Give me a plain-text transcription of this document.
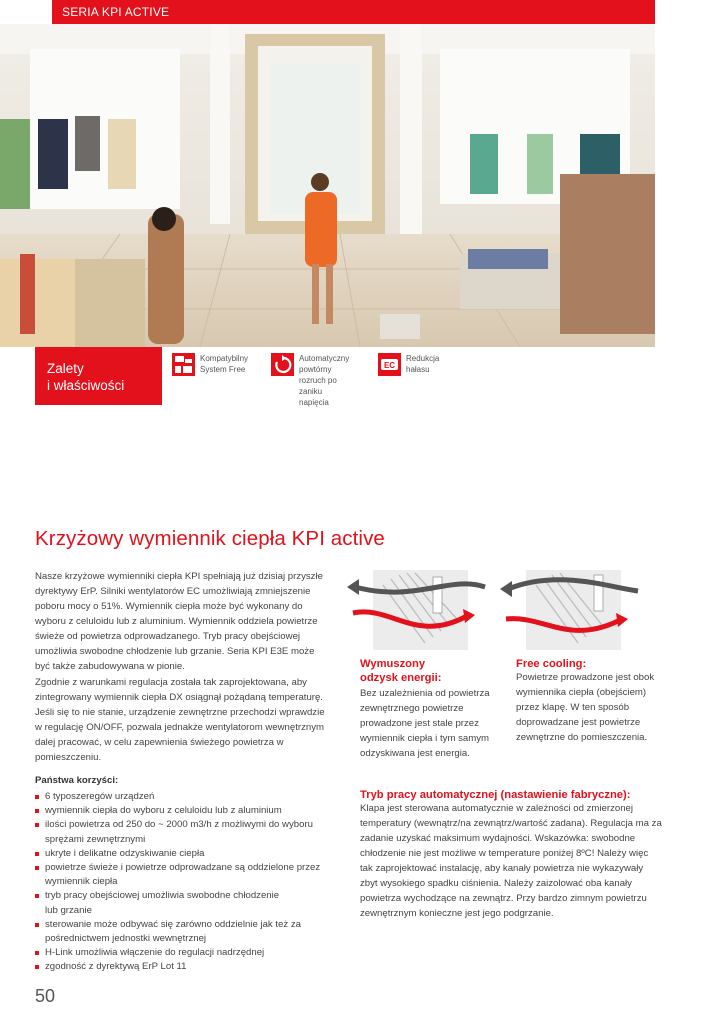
SERIA KPI ACTIVE
Zalety
i właściwości
Kompatybilny
System Free
Automatyczny powtórny
rozruch po zaniku napięcia
EC
Redukcja
hałasu
Krzyżowy wymiennik ciepła KPI active

Nasze krzyżowe wymienniki ciepła KPI spełniają już dzisiaj przyszłe dyrektywy ErP. Silniki wentylatorów EC umożliwiają zmniejszenie poboru mocy o 51%. Wymiennik ciepła może być wykonany do wyboru z celuloidu lub z aluminium. Wymiennik oddziela powietrze świeże od powietrza odprowadzanego. Tryb pracy obejściowej umożliwia swobodne chłodzenie lub grzanie. Seria KPI E3E może być także zabudowywana w pionie.

Zgodnie z warunkami regulacja została tak zaprojektowana, aby zintegrowany wymiennik ciepła DX osiągnął pożądaną temperaturę. Jeśli się to nie stanie, urządzenie zewnętrzne przechodzi wprawdzie w regulację ON/OFF, pozwala jednakże wentylatorom wewnętrznym dalej pracować, w celu zapewnienia świeżego powietrza w pomieszczeniu.

Państwa korzyści:
6 typoszeregów urządzeń
wymiennik ciepła do wyboru z celuloidu lub z aluminium
ilości powietrza od 250 do ~ 2000 m3/h z możliwymi do wyboru
sprężami zewnętrznymi
ukryte i delikatne odzyskiwanie ciepła
powietrze świeże i powietrze odprowadzane są oddzielone przez
wymiennik ciepła
tryb pracy obejściowej umożliwia swobodne chłodzenie
lub grzanie
sterowanie może odbywać się zarówno oddzielnie jak też za
pośrednictwem jednostki wewnętrznej
H-Link umożliwia włączenie do regulacji nadrzędnej
zgodność z dyrektywą ErP Lot 11
Wymuszony
odzysk energii:

Bez uzależnienia od powietrza
zewnętrznego powietrze
prowadzone jest stale przez
wymiennik ciepła i tym samym
odzyskiwana jest energia.

Free cooling:

Powietrze prowadzone jest obok
wymiennika ciepła (obejściem)
przez klapę. W ten sposób
doprowadzane jest powietrze
zewnętrzne do pomieszczenia.

Tryb pracy automatycznej (nastawienie fabryczne):

Klapa jest sterowana automatycznie w zależności od zmierzonej
temperatury (wewnątrz/na zewnątrz/wartość zadana). Regulacja ma za
zadanie uzyskać maksimum wydajności. Wskazówka: swobodne
chłodzenie nie jest możliwe w temperature poniżej 8ºC! Należy więc
tak zaprojektować instalację, aby kanały powietrza nie wykazywały
zbyt wysokiego spadku ciśnienia. Należy zaizolować oba kanały
powietrza wychodzące na zewnątrz. Przy bardzo zimnym powietrzu
zewnętrznym konieczne jest jego podgrzanie.

50
